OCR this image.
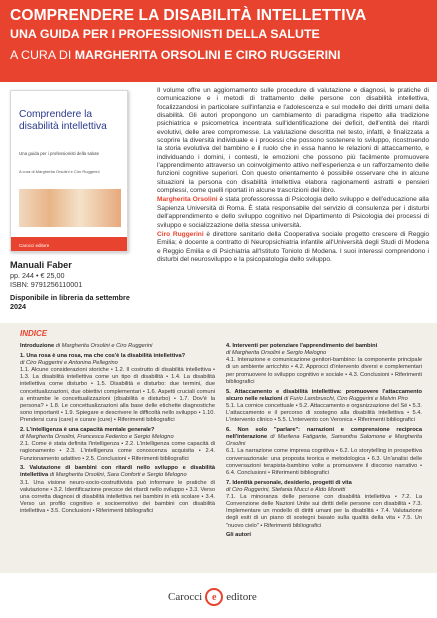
COMPRENDERE LA DISABILITÀ INTELLETTIVA
UNA GUIDA PER I PROFESSIONISTI DELLA SALUTE
A CURA DI MARGHERITA ORSOLINI E CIRO RUGGERINI
Comprendere la disabilità intellettiva
Una guida per i professionisti della salute
A cura di Margherita Orsolini e Ciro Ruggerini
Carocci editore
Manuali Faber
pp. 244 • € 25,00
ISBN: 9791256110001
Disponibile in libreria da settembre 2024

Il volume offre un aggiornamento sulle procedure di valutazione e diagnosi, le pratiche di comunicazione e i metodi di trattamento delle persone con disabilità intellettiva, focalizzandosi in particolare sull'infanzia e l'adolescenza e sul modello dei diritti umani della disabilità. Gli autori propongono un cambiamento di paradigma rispetto alla tradizione psichiatrica e psicometrica incentrata sull'identificazione dei deficit, dell'entità dei ritardi evolutivi, delle aree compromesse. La valutazione descritta nel testo, infatti, è finalizzata a scoprire la diversità individuale e i processi che possono sostenere lo sviluppo, ricostruendo la storia evolutiva del bambino e il ruolo che in essa hanno le relazioni di attaccamento, e individuando i domini, i contesti, le emozioni che possono più facilmente promuovere l'apprendimento attraverso un coinvolgimento attivo nell'esperienza e un rafforzamento delle funzioni cognitive superiori. Con questo orientamento è possibile osservare che in alcune situazioni la persona con disabilità intellettiva elabora ragionamenti astratti e pensieri complessi, come quelli riportati in alcune trascrizioni del libro.

Margherita Orsolini è stata professoressa di Psicologia dello sviluppo e dell'educazione alla Sapienza Università di Roma. È stata responsabile del servizio di consulenza per i disturbi dell'apprendimento e dello sviluppo cognitivo nel Dipartimento di Psicologia dei processi di sviluppo e socializzazione della stessa università.

Ciro Ruggerini è direttore sanitario della Cooperativa sociale progetto crescere di Reggio Emilia; è docente a contratto di Neuropsichiatria infantile all'Università degli Studi di Modena e Reggio Emilia e di Psichiatria all'Istituto Toniolo di Modena. I suoi interessi comprendono i disturbi del neurosviluppo e la psicopatologia dello sviluppo.

INDICE
Introduzione di Margherita Orsolini e Ciro Ruggerini
1. Una rosa è una rosa, ma che cos'è la disabilità intellettiva?
di Ciro Ruggerini e Antonina Pellegrino
1.1. Alcune considerazioni storiche • 1.2. Il costrutto di disabilità intellettiva • 1.3. La disabilità intellettiva come un tipo di disabilità • 1.4. La disabilità intellettiva come disturbo • 1.5. Disabilità e disturbo: due termini, due concettualizzazioni, due obiettivi complementari • 1.6. Aspetti cruciali comuni a entrambe le concettualizzazioni (disabilità e disturbo) • 1.7. Dov'è la persona? • 1.8. Le concettualizzazioni alla base delle etichette diagnostiche sono importanti • 1.9. Spiegare e descrivere le difficoltà nello sviluppo • 1.10. Prendersi cura (care) e curare (cure) • Riferimenti bibliografici
2. L'intelligenza è una capacità mentale generale?
di Margherita Orsolini, Francesca Federico e Sergio Melogno
2.1. Come è stata definita l'intelligenza • 2.2. L'intelligenza come capacità di ragionamento • 2.3. L'intelligenza come conoscenza acquisita • 2.4. Funzionamento adattivo • 2.5. Conclusioni • Riferimenti bibliografici
3. Valutazione di bambini con ritardi nello sviluppo e disabilità intellettiva di Margherita Orsolini, Sara Conforti e Sergio Melogno
3.1. Una visione neuro-socio-costruttivista può informare le pratiche di valutazione • 3.2. Identificazione precoce dei ritardi nello sviluppo • 3.3. Verso una corretta diagnosi di disabilità intellettiva nei bambini in età scolare • 3.4. Verso un profilo cognitivo e socioemotivo dei bambini con disabilità intellettiva • 3.5. Conclusioni • Riferimenti bibliografici
4. Interventi per potenziare l'apprendimento dei bambini
di Margherita Orsolini e Sergio Melogno
4.1. Interazione e comunicazione genitori-bambino: la componente principale di un ambiente arricchito • 4.2. Approcci d'intervento diversi e complementari per promuovere lo sviluppo cognitivo e sociale • 4.3. Conclusioni • Riferimenti bibliografici
5. Attaccamento e disabilità intellettiva: promuovere l'attaccamento sicuro nelle relazioni di Furio Lambruschi, Ciro Ruggerini e Melvin Piro
5.1. La cornice concettuale • 5.2. Attaccamento e organizzazione del Sé • 5.3. L'attaccamento e il percorso di sostegno alla disabilità intellettiva • 5.4. L'intervento clinico • 5.5. L'intervento con Veronica • Riferimenti bibliografici
6. Non solo "parlare": narrazioni e comprensione reciproca nell'interazione di Marilena Fatigante, Samantha Salomone e Margherita Orsolini
6.1. La narrazione come impresa cognitiva • 6.2. Lo storytelling in prospettiva conversazionale: una proposta teorica e metodologica • 6.3. Un'analisi delle conversazioni terapista-bambino volte a promuovere il discorso narrativo • 6.4. Conclusioni • Riferimenti bibliografici
7. Identità personale, desiderio, progetti di vita
di Ciro Ruggerini, Stefania Mucci e Aldo Moretti
7.1. La minoranza delle persone con disabilità intellettiva • 7.2. La Convenzione delle Nazioni Unite sui diritti delle persone con disabilità • 7.3. Implementare un modello di diritti umani per la disabilità • 7.4. Valutazione degli esiti di un piano di sostegni basato sulla qualità della vita • 7.5. Un "nuovo cielo" • Riferimenti bibliografici
Gli autori
Carocci e editore
